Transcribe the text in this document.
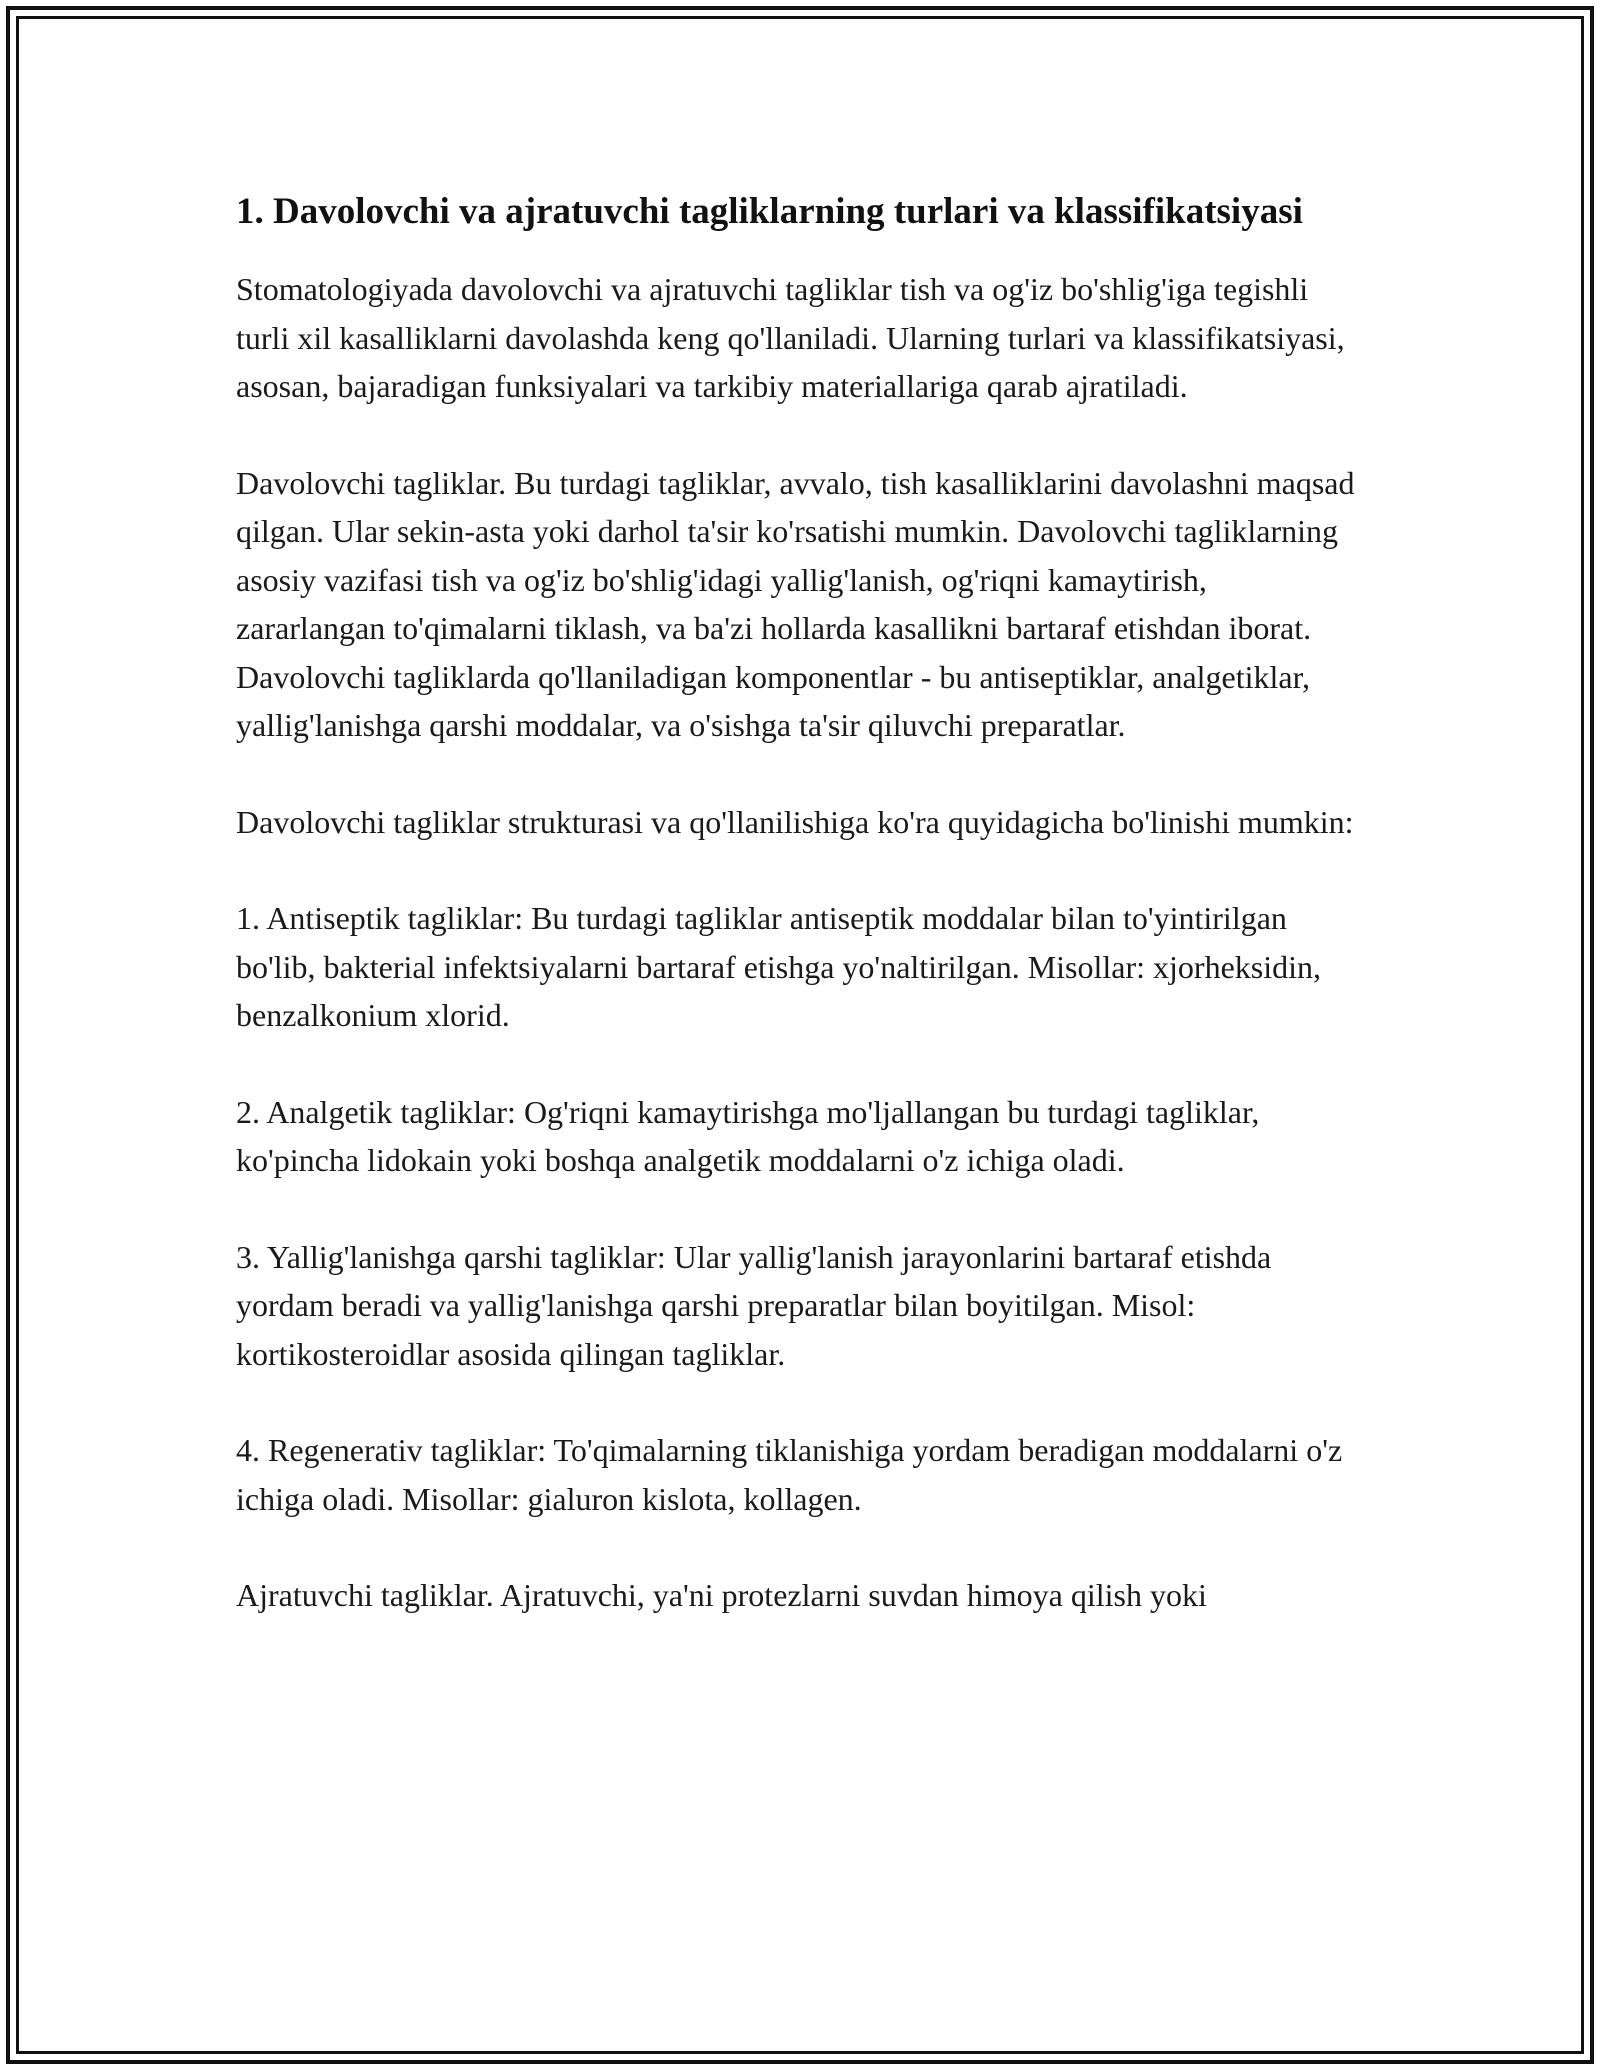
1. Davolovchi va ajratuvchi tagliklarning turlari va klassifikatsiyasi

Stomatologiyada davolovchi va ajratuvchi tagliklar tish va og'iz bo'shlig'iga tegishli turli xil kasalliklarni davolashda keng qo'llaniladi. Ularning turlari va klassifikatsiyasi, asosan, bajaradigan funksiyalari va tarkibiy materiallariga qarab ajratiladi.

Davolovchi tagliklar. Bu turdagi tagliklar, avvalo, tish kasalliklarini davolashni maqsad qilgan. Ular sekin-asta yoki darhol ta'sir ko'rsatishi mumkin. Davolovchi tagliklarning asosiy vazifasi tish va og'iz bo'shlig'idagi yallig'lanish, og'riqni kamaytirish, zararlangan to'qimalarni tiklash, va ba'zi hollarda kasallikni bartaraf etishdan iborat. Davolovchi tagliklarda qo'llaniladigan komponentlar - bu antiseptiklar, analgetiklar, yallig'lanishga qarshi moddalar, va o'sishga ta'sir qiluvchi preparatlar.

Davolovchi tagliklar strukturasi va qo'llanilishiga ko'ra quyidagicha bo'linishi mumkin:

1. Antiseptik tagliklar: Bu turdagi tagliklar antiseptik moddalar bilan to'yintirilgan bo'lib, bakterial infektsiyalarni bartaraf etishga yo'naltirilgan. Misollar: xjorheksidin, benzalkonium xlorid.

2. Analgetik tagliklar: Og'riqni kamaytirishga mo'ljallangan bu turdagi tagliklar, ko'pincha lidokain yoki boshqa analgetik moddalarni o'z ichiga oladi.

3. Yallig'lanishga qarshi tagliklar: Ular yallig'lanish jarayonlarini bartaraf etishda yordam beradi va yallig'lanishga qarshi preparatlar bilan boyitilgan. Misol: kortikosteroidlar asosida qilingan tagliklar.

4. Regenerativ tagliklar: To'qimalarning tiklanishiga yordam beradigan moddalarni o'z ichiga oladi. Misollar: gialuron kislota, kollagen.

Ajratuvchi tagliklar. Ajratuvchi, ya'ni protezlarni suvdan himoya qilish yoki
